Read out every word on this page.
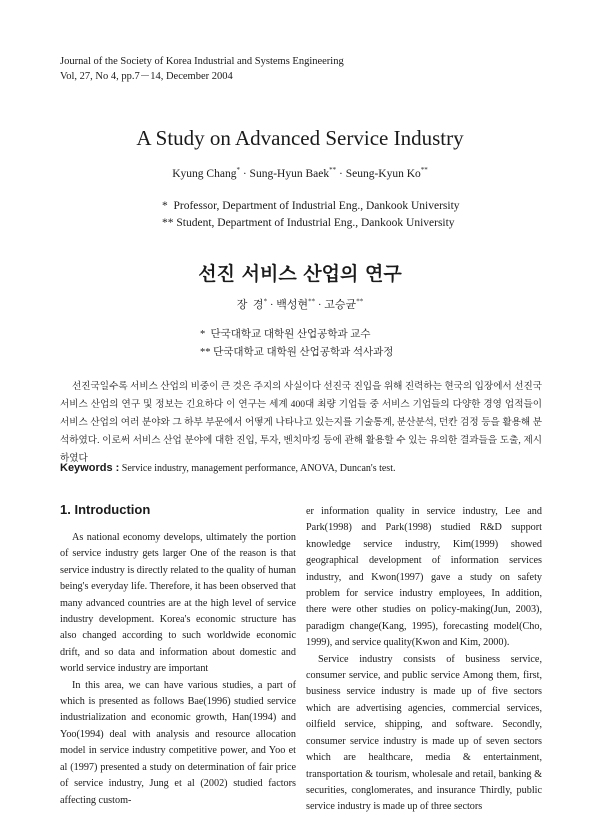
Journal of the Society of Korea Industrial and Systems Engineering
Vol, 27, No 4, pp.7－14, December 2004
A Study on Advanced Service Industry
Kyung Chang* · Sung-Hyun Baek** · Seung-Kyun Ko**
*  Professor, Department of Industrial Eng., Dankook University
** Student, Department of Industrial Eng., Dankook University
선진 서비스 산업의 연구
장  경* · 백성현** · 고승균**
*  단국대학교 대학원 산업공학과 교수
** 단국대학교 대학원 산업공학과 석사과정
선진국일수록 서비스 산업의 비중이 큰 것은 주지의 사실이다 선진국 진입을 위해 진력하는 현국의 입장에서 선진국 서비스 산업의 연구 및 정보는 긴요하다 이 연구는 세계 400대 최량 기업들 중 서비스 기업들의 다양한 경영 업적들이 서비스 산업의 여러 분야와 그 하부 부문에서 어떻게 나타나고 있는지를 기술통계, 분산분석, 던칸 검정 등을 활용해 분석하였다. 이로써 서비스 산업 분야에 대한 진입, 투자, 벤치마킹 등에 관해 활용할 수 있는 유의한 결과들을 도출, 제시하였다
Keywords : Service industry, management performance, ANOVA, Duncan's test.
1. Introduction

As national economy develops, ultimately the portion of service industry gets larger One of the reason is that service industry is directly related to the quality of human being's everyday life. Therefore, it has been observed that many advanced countries are at the high level of service industry development. Korea's economic structure has also changed according to such worldwide economic drift, and so data and information about domestic and world service industry are important

In this area, we can have various studies, a part of which is presented as follows Bae(1996) studied service industrialization and economic growth, Han(1994) and Yoo(1994) deal with analysis and resource allocation model in service industry competitive power, and Yoo et al (1997) presented a study on determination of fair price of service industry, Jung et al (2002) studied factors affecting custom-

er information quality in service industry, Lee and Park(1998) and Park(1998) studied R&D support knowledge service industry, Kim(1999) showed geographical development of information services industry, and Kwon(1997) gave a study on safety problem for service industry employees, In addition, there were other studies on policy-making(Jun, 2003), paradigm change(Kang, 1995), forecasting model(Cho, 1999), and service quality(Kwon and Kim, 2000).

Service industry consists of business service, consumer service, and public service Among them, first, business service industry is made up of five sectors which are advertising agencies, commercial services, oilfield service, shipping, and software. Secondly, consumer service industry is made up of seven sectors which are healthcare, media & entertainment, transportation & tourism, wholesale and retail, banking & securities, conglomerates, and insurance Thirdly, public service industry is made up of three sectors
